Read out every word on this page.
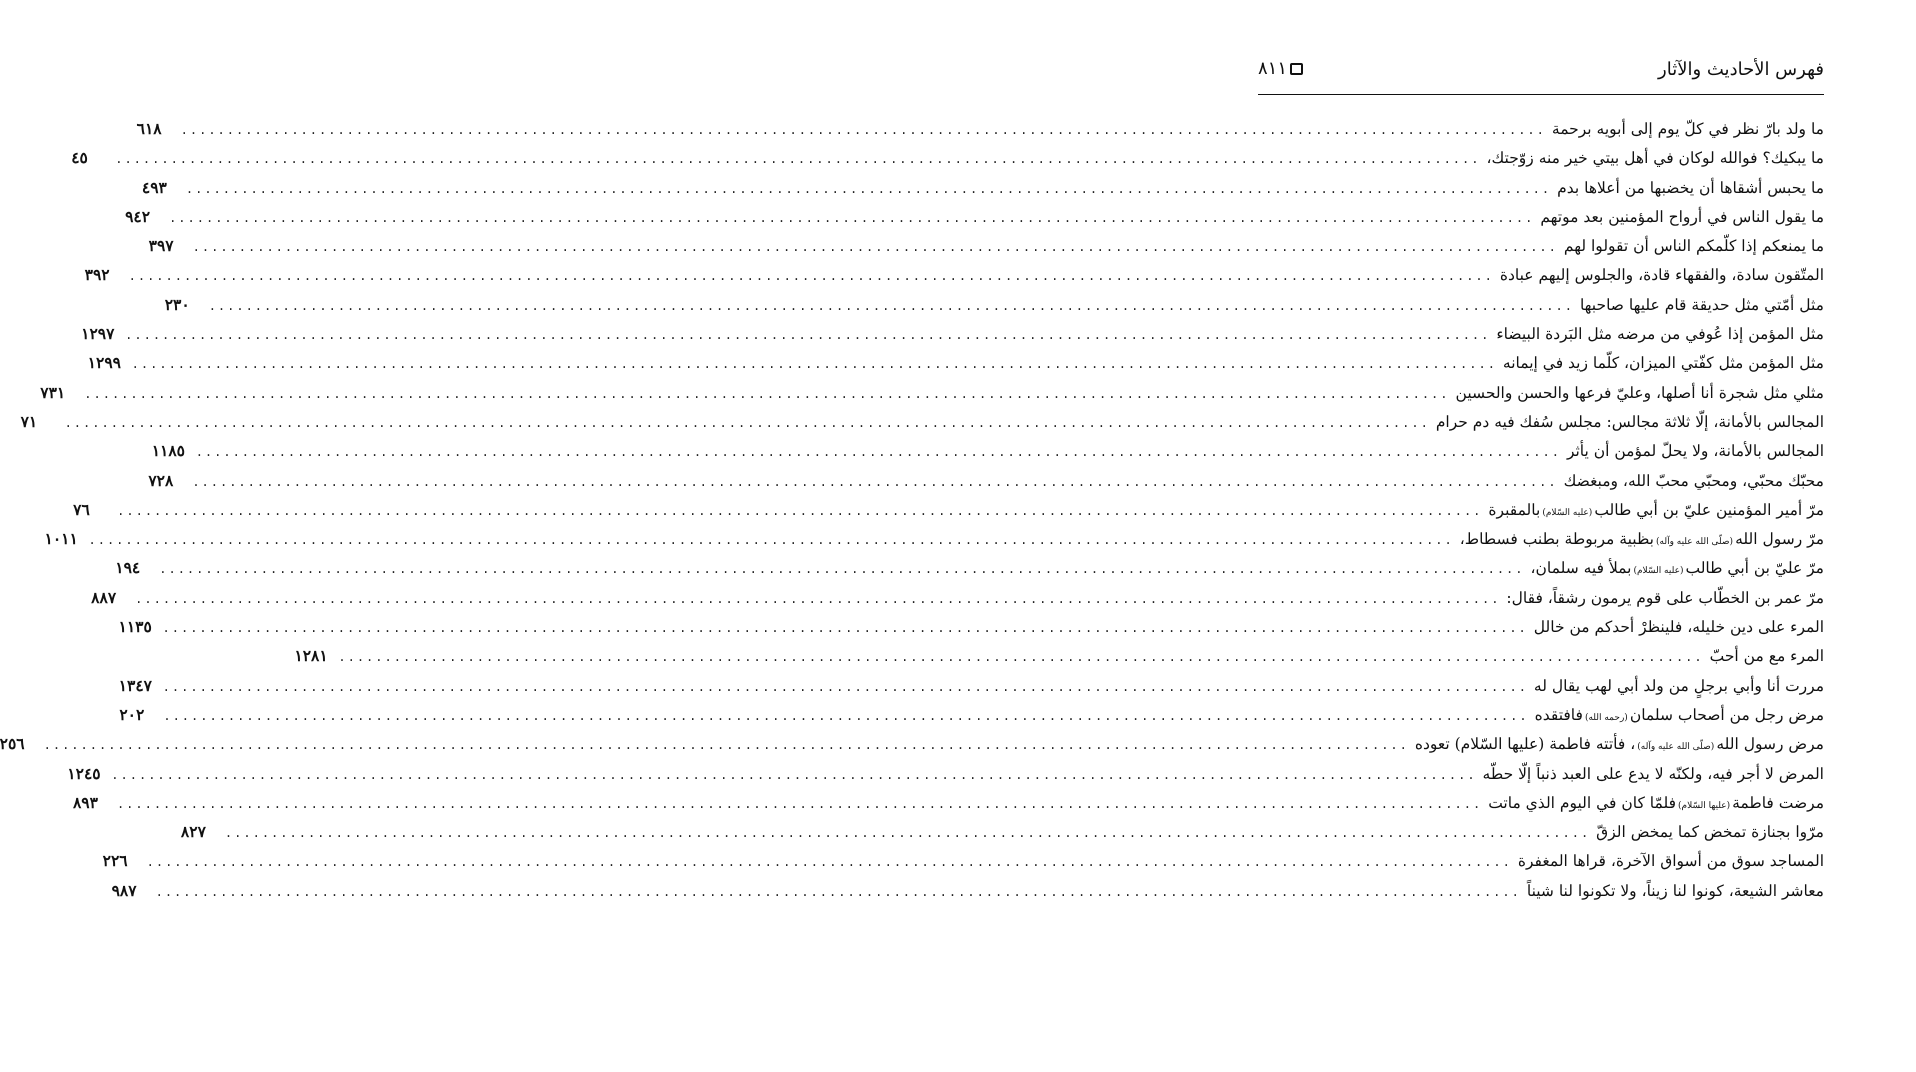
فهرس الأحاديث والآثار
٨١١
ما ولد بارّ نظر في كلّ يوم إلى أبويه برحمة
.....
٦١٨
ما يبكيك؟ فوالله لوكان في أهل بيتي خير منه زوّجتك،
.....
٤٥
ما يحبس أشقاها أن يخضبها من أعلاها بدم
.....
٤٩٣
ما يقول الناس في أرواح المؤمنين بعد موتهم
.....
٩٤٢
ما يمنعكم إذا كلّمكم الناس أن تقولوا لهم
.....
٣٩٧
المتّقون سادة، والفقهاء قادة، والجلوس إليهم عبادة
.....
٣٩٢
مثل أمّتي مثل حديقة قام عليها صاحبها
.....
٢٣٠
مثل المؤمن إذا عُوفي من مرضه مثل البَردة البيضاء
.....
١٢٩٧
مثل المؤمن مثل كفّتي الميزان، كلّما زيد في إيمانه
.....
١٢٩٩
مثلي مثل شجرة أنا أصلها، وعليّ فرعها والحسن والحسين
.....
٧٣١
المجالس بالأمانة، إلّا ثلاثة مجالس: مجلس سُفك فيه دم حرام
.....
٧١
المجالس بالأمانة، ولا يحلّ لمؤمن أن يأثر
.....
١١٨٥
محبّك محبّي، ومحبّي محبّ الله، ومبغضك
.....
٧٢٨
مرّ أمير المؤمنين عليّ بن أبي طالب(عليه السّلام)بالمقبرة
.....
٧٦
مرّ رسول الله(صلّى الله عليه وآله)بظبية مربوطة بطنب فسطاط،
.....
١٠١١
مرّ عليّ بن أبي طالب(عليه السّلام)بملأ فيه سلمان،
.....
١٩٤
مرّ عمر بن الخطّاب على قوم يرمون رشقاً، فقال:
.....
٨٨٧
المرء على دين خليله، فلينظرْ أحدكم من خالل
.....
١١٣٥
المرء مع من أحبّ
.....
١٢٨١
مررت أنا وأبي برجلٍ من ولد أبي لهب يقال له
.....
١٣٤٧
مرض رجل من أصحاب سلمان(رحمه الله)فافتقده
.....
٢٠٢
مرض رسول الله(صلّى الله عليه وآله)، فأتته فاطمة (عليها السّلام) تعوده
.....
٢٥٦
المرض لا أجر فيه، ولكنّه لا يدع على العبد ذنباً إلّا حطّه
.....
١٢٤٥
مرضت فاطمة(عليها السّلام)فلمّا كان في اليوم الذي ماتت
.....
٨٩٣
مرّوا بجنازة تمخض كما يمخض الزقّ
.....
٨٢٧
المساجد سوق من أسواق الآخرة، قراها المغفرة
.....
٢٢٦
معاشر الشيعة، كونوا لنا زيناً، ولا تكونوا لنا شيناً
.....
٩٨٧
